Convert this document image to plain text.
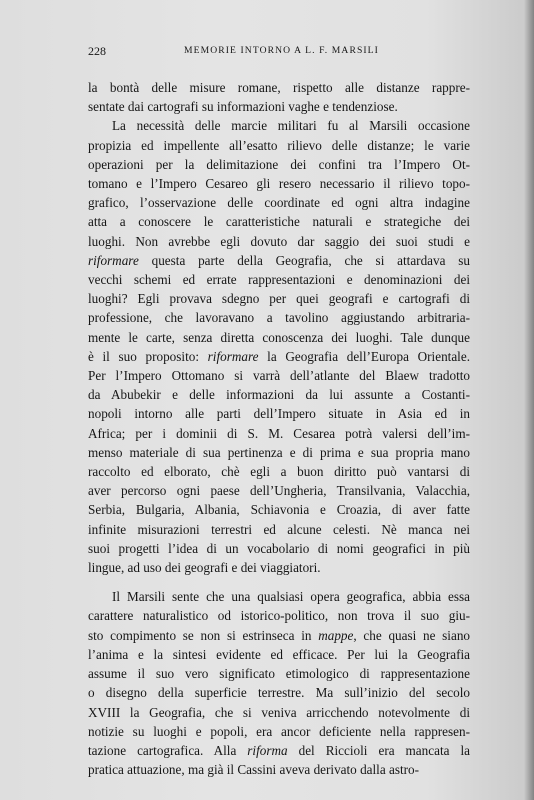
228	MEMORIE INTORNO A L. F. MARSILI
la bontà delle misure romane, rispetto alle distanze rappre-
sentate dai cartografi su informazioni vaghe e tendenziose.
La necessità delle marcie militari fu al Marsili occasione
propizia ed impellente all’esatto rilievo delle distanze; le varie
operazioni per la delimitazione dei confini tra l’Impero Ot-
tomano e l’Impero Cesareo gli resero necessario il rilievo topo-
grafico, l’osservazione delle coordinate ed ogni altra indagine
atta a conoscere le caratteristiche naturali e strategiche dei
luoghi. Non avrebbe egli dovuto dar saggio dei suoi studi e
riformare questa parte della Geografia, che si attardava su
vecchi schemi ed errate rappresentazioni e denominazioni dei
luoghi? Egli provava sdegno per quei geografi e cartografi di
professione, che lavoravano a tavolino aggiustando arbitraria-
mente le carte, senza diretta conoscenza dei luoghi. Tale dunque
è il suo proposito: riformare la Geografia dell’Europa Orientale.
Per l’Impero Ottomano si varrà dell’atlante del Blaew tradotto
da Abubekir e delle informazioni da lui assunte a Costanti-
nopoli intorno alle parti dell’Impero situate in Asia ed in
Africa; per i dominii di S. M. Cesarea potrà valersi dell’im-
menso materiale di sua pertinenza e di prima e sua propria mano
raccolto ed elborato, chè egli a buon diritto può vantarsi di
aver percorso ogni paese dell’Ungheria, Transilvania, Valacchia,
Serbia, Bulgaria, Albania, Schiavonia e Croazia, di aver fatte
infinite misurazioni terrestri ed alcune celesti. Nè manca nei
suoi progetti l’idea di un vocabolario di nomi geografici in più
lingue, ad uso dei geografi e dei viaggiatori.
Il Marsili sente che una qualsiasi opera geografica, abbia essa
carattere naturalistico od istorico-politico, non trova il suo giu-
sto compimento se non si estrinseca in mappe, che quasi ne siano
l’anima e la sintesi evidente ed efficace. Per lui la Geografia
assume il suo vero significato etimologico di rappresentazione
o disegno della superficie terrestre. Ma sull’inizio del secolo
XVIII la Geografia, che si veniva arricchendo notevolmente di
notizie su luoghi e popoli, era ancor deficiente nella rappresen-
tazione cartografica. Alla riforma del Riccioli era mancata la
pratica attuazione, ma già il Cassini aveva derivato dalla astro-
